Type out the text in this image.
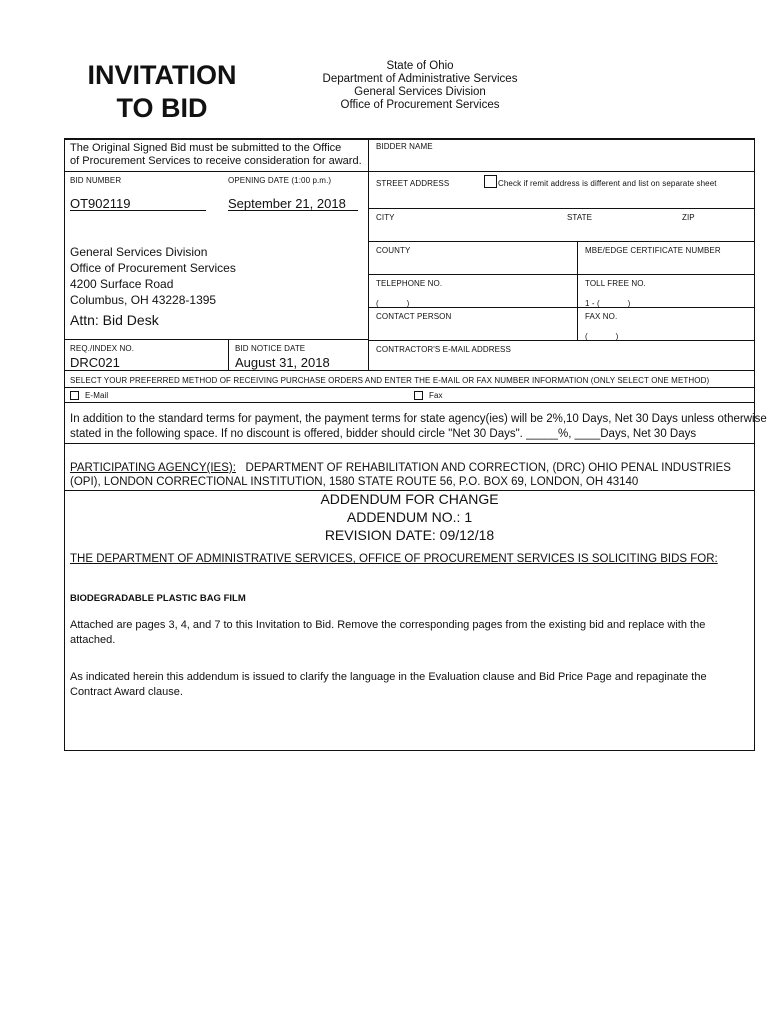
INVITATION
TO BID
State of Ohio
Department of Administrative Services
General Services Division
Office of Procurement Services
The Original Signed Bid must be submitted to the Office
of Procurement Services to receive consideration for award.
BID NUMBER	OPENING DATE (1:00 p.m.)
OT902119	September 21, 2018
General Services Division
Office of Procurement Services
4200 Surface Road
Columbus, OH 43228-1395
Attn: Bid Desk
REQ./INDEX NO.
DRC021
BID NOTICE DATE
August 31, 2018
BIDDER NAME
STREET ADDRESS	Check if remit address is different and list on separate sheet
CITY	STATE	ZIP
COUNTY	MBE/EDGE CERTIFICATE NUMBER
TELEPHONE NO.
(            )
TOLL FREE NO.
1 - (            )
CONTACT PERSON	FAX NO.
(            )
CONTRACTOR'S E-MAIL ADDRESS
SELECT YOUR PREFERRED METHOD OF RECEIVING PURCHASE ORDERS AND ENTER THE E-MAIL OR FAX NUMBER INFORMATION (ONLY SELECT ONE METHOD)
E-Mail	Fax
In addition to the standard terms for payment, the payment terms for state agency(ies) will be 2%,10 Days, Net 30 Days unless otherwise
stated in the following space. If no discount is offered, bidder should circle "Net 30 Days". _____%, ____Days, Net 30 Days
PARTICIPATING AGENCY(IES): DEPARTMENT OF REHABILITATION AND CORRECTION, (DRC) OHIO PENAL INDUSTRIES
(OPI), LONDON CORRECTIONAL INSTITUTION, 1580 STATE ROUTE 56, P.O. BOX 69, LONDON, OH 43140
ADDENDUM FOR CHANGE
ADDENDUM NO.: 1
REVISION DATE: 09/12/18
THE DEPARTMENT OF ADMINISTRATIVE SERVICES, OFFICE OF PROCUREMENT SERVICES IS SOLICITING BIDS FOR:
BIODEGRADABLE PLASTIC BAG FILM
Attached are pages 3, 4, and 7 to this Invitation to Bid. Remove the corresponding pages from the existing bid and replace with the
attached.
As indicated herein this addendum is issued to clarify the language in the Evaluation clause and Bid Price Page and repaginate the
Contract Award clause.
